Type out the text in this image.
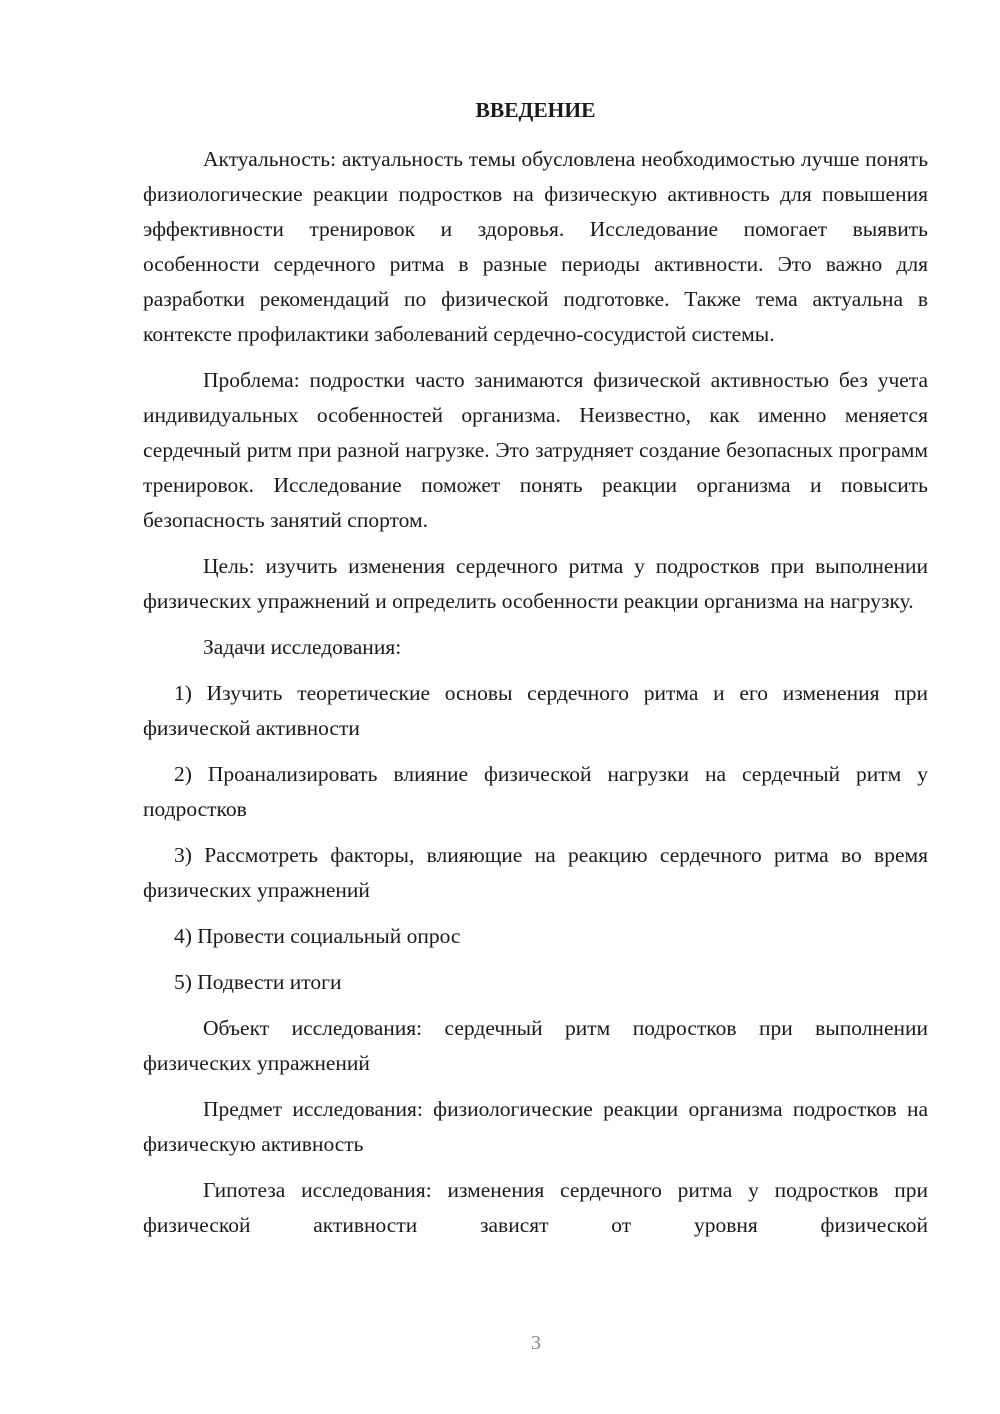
ВВЕДЕНИЕ

Актуальность: актуальность темы обусловлена необходимостью лучше понять физиологические реакции подростков на физическую активность для повышения эффективности тренировок и здоровья. Исследование помогает выявить особенности сердечного ритма в разные периоды активности. Это важно для разработки рекомендаций по физической подготовке. Также тема актуальна в контексте профилактики заболеваний сердечно-сосудистой системы.

Проблема: подростки часто занимаются физической активностью без учета индивидуальных особенностей организма. Неизвестно, как именно меняется сердечный ритм при разной нагрузке. Это затрудняет создание безопасных программ тренировок. Исследование поможет понять реакции организма и повысить безопасность занятий спортом.

Цель: изучить изменения сердечного ритма у подростков при выполнении физических упражнений и определить особенности реакции организма на нагрузку.

Задачи исследования:

1) Изучить теоретические основы сердечного ритма и его изменения при физической активности

2) Проанализировать влияние физической нагрузки на сердечный ритм у подростков

3) Рассмотреть факторы, влияющие на реакцию сердечного ритма во время физических упражнений

4) Провести социальный опрос

5) Подвести итоги

Объект исследования: сердечный ритм подростков при выполнении физических упражнений

Предмет исследования: физиологические реакции организма подростков на физическую активность

Гипотеза исследования: изменения сердечного ритма у подростков при физической активности зависят от уровня физической

3
